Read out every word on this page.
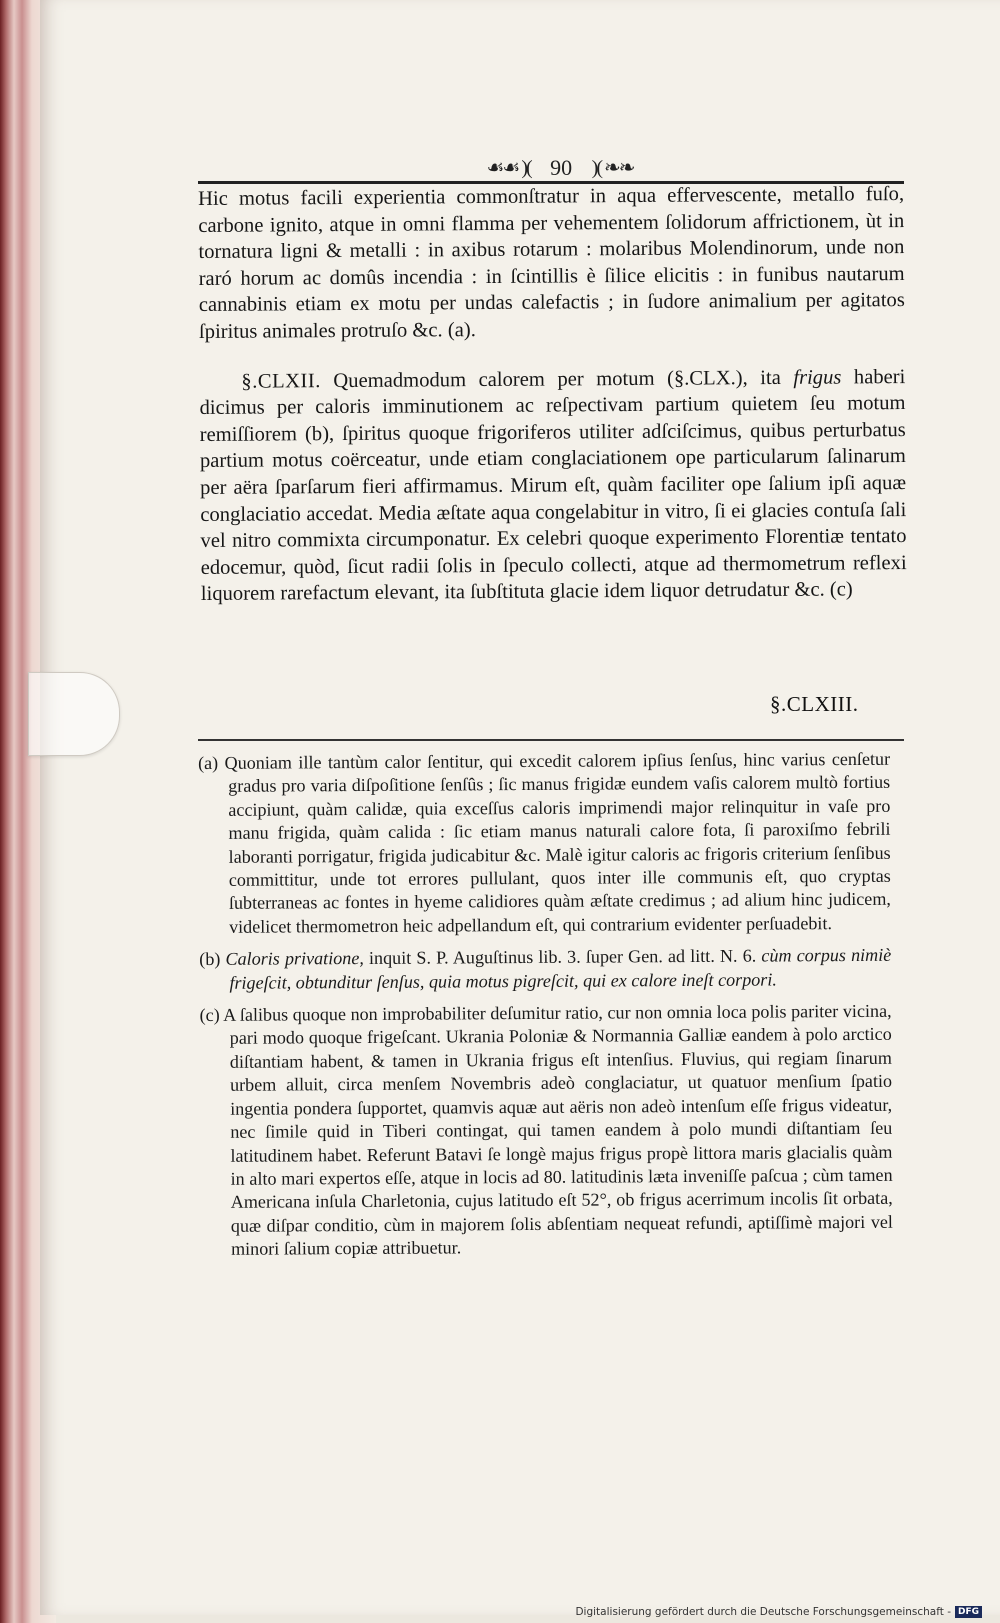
☙☙ )( 90 )( ❧❧

Hic motus facili experientia commonſtratur in aqua effervescente, metallo fuſo, carbone ignito, atque in omni flamma per vehementem ſolidorum affrictionem, ùt in tornatura ligni & metalli : in axibus rotarum : molaribus Molendinorum, unde non raró horum ac domûs incendia : in ſcintillis è ſilice elicitis : in funibus nautarum cannabinis etiam ex motu per undas calefactis ; in ſudore animalium per agitatos ſpiritus animales protruſo &c. (a).

§.CLXII. Quemadmodum calorem per motum (§.CLX.), ita frigus haberi dicimus per caloris imminutionem ac reſpectivam partium quietem ſeu motum remiſſiorem (b), ſpiritus quoque frigoriferos utiliter adſciſcimus, quibus perturbatus partium motus coërceatur, unde etiam conglaciationem ope particularum ſalinarum per aëra ſparſarum fieri affirmamus. Mirum eſt, quàm faciliter ope ſalium ipſi aquæ conglaciatio accedat. Media æſtate aqua congelabitur in vitro, ſi ei glacies contuſa ſali vel nitro commixta circumponatur. Ex celebri quoque experimento Florentiæ tentato edocemur, quòd, ſicut radii ſolis in ſpeculo collecti, atque ad thermometrum reflexi liquorem rarefactum elevant, ita ſubſtituta glacie idem liquor detrudatur &c. (c)

§.CLXIII.

(a) Quoniam ille tantùm calor ſentitur, qui excedit calorem ipſius ſenſus, hinc varius cenſetur gradus pro varia diſpoſitione ſenſûs ; ſic manus frigidæ eundem vaſis calorem multò fortius accipiunt, quàm calidæ, quia exceſſus caloris imprimendi major relinquitur in vaſe pro manu frigida, quàm calida : ſic etiam manus naturali calore fota, ſi paroxiſmo febrili laboranti porrigatur, frigida judicabitur &c. Malè igitur caloris ac frigoris criterium ſenſibus committitur, unde tot errores pullulant, quos inter ille communis eſt, quo cryptas ſubterraneas ac fontes in hyeme calidiores quàm æſtate credimus ; ad alium hinc judicem, videlicet thermometron heic adpellandum eſt, qui contrarium evidenter perſuadebit.

(b) Caloris privatione, inquit S. P. Auguſtinus lib. 3. ſuper Gen. ad litt. N. 6. cùm corpus nimiè frigeſcit, obtunditur ſenſus, quia motus pigreſcit, qui ex calore ineſt corpori.

(c) A ſalibus quoque non improbabiliter deſumitur ratio, cur non omnia loca polis pariter vicina, pari modo quoque frigeſcant. Ukrania Poloniæ & Normannia Galliæ eandem à polo arctico diſtantiam habent, & tamen in Ukrania frigus eſt intenſius. Fluvius, qui regiam ſinarum urbem alluit, circa menſem Novembris adeò conglaciatur, ut quatuor menſium ſpatio ingentia pondera ſupportet, quamvis aquæ aut aëris non adeò intenſum eſſe frigus videatur, nec ſimile quid in Tiberi contingat, qui tamen eandem à polo mundi diſtantiam ſeu latitudinem habet. Referunt Batavi ſe longè majus frigus propè littora maris glacialis quàm in alto mari expertos eſſe, atque in locis ad 80. latitudinis læta inveniſſe paſcua ; cùm tamen Americana inſula Charletonia, cujus latitudo eſt 52°, ob frigus acerrimum incolis ſit orbata, quæ diſpar conditio, cùm in majorem ſolis abſentiam nequeat refundi, aptiſſimè majori vel minori ſalium copiæ attribuetur.

Digitalisierung gefördert durch die Deutsche Forschungsgemeinschaft - DFG
